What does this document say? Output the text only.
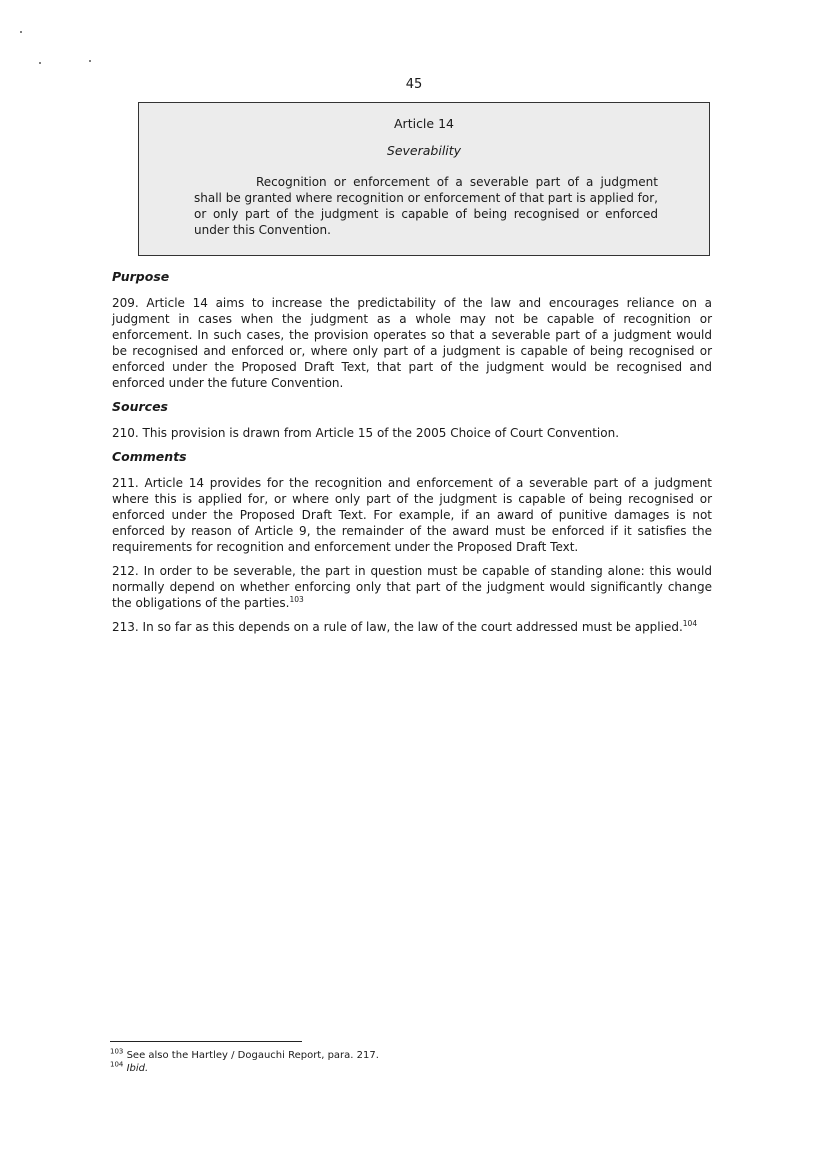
45
Article 14
Severability

Recognition or enforcement of a severable part of a judgment shall be granted where recognition or enforcement of that part is applied for, or only part of the judgment is capable of being recognised or enforced under this Convention.

Purpose

209. Article 14 aims to increase the predictability of the law and encourages reliance on a judgment in cases when the judgment as a whole may not be capable of recognition or enforcement. In such cases, the provision operates so that a severable part of a judgment would be recognised and enforced or, where only part of a judgment is capable of being recognised or enforced under the Proposed Draft Text, that part of the judgment would be recognised and enforced under the future Convention.

Sources

210. This provision is drawn from Article 15 of the 2005 Choice of Court Convention.

Comments

211. Article 14 provides for the recognition and enforcement of a severable part of a judgment where this is applied for, or where only part of the judgment is capable of being recognised or enforced under the Proposed Draft Text. For example, if an award of punitive damages is not enforced by reason of Article 9, the remainder of the award must be enforced if it satisfies the requirements for recognition and enforcement under the Proposed Draft Text.

212. In order to be severable, the part in question must be capable of standing alone: this would normally depend on whether enforcing only that part of the judgment would significantly change the obligations of the parties.$^{103}$

213. In so far as this depends on a rule of law, the law of the court addressed must be applied.$^{104}$

$^{103}$ See also the Hartley / Dogauchi Report, para. 217.
$^{104}$ Ibid.
